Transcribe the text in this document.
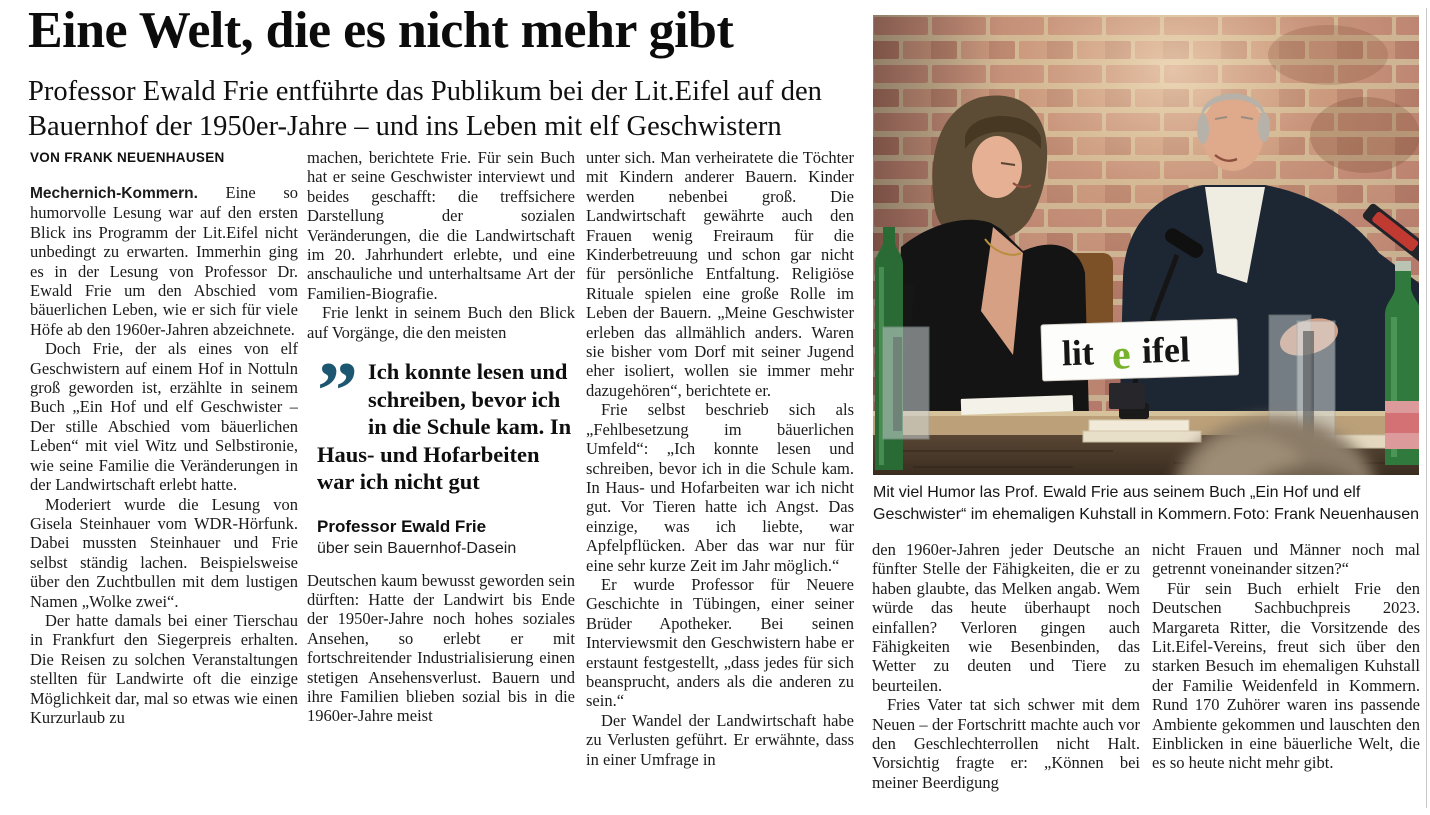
Eine Welt, die es nicht mehr gibt
Professor Ewald Frie entführte das Publikum bei der Lit.Eifel auf den Bauernhof der 1950er-Jahre – und ins Leben mit elf Geschwistern
VON FRANK NEUENHAUSEN

Mechernich-Kommern. Eine so humorvolle Lesung war auf den ersten Blick ins Programm der Lit.Eifel nicht unbedingt zu erwarten. Immerhin ging es in der Lesung von Professor Dr. Ewald Frie um den Abschied vom bäuerlichen Leben, wie er sich für viele Höfe ab den 1960er-Jahren abzeichnete.

Doch Frie, der als eines von elf Geschwistern auf einem Hof in Nottuln groß geworden ist, erzählte in seinem Buch „Ein Hof und elf Geschwister – Der stille Abschied vom bäuerlichen Leben“ mit viel Witz und Selbstironie, wie seine Familie die Veränderungen in der Landwirtschaft erlebt hatte.

Moderiert wurde die Lesung von Gisela Steinhauer vom WDR-Hörfunk. Dabei mussten Steinhauer und Frie selbst ständig lachen. Beispielsweise über den Zuchtbullen mit dem lustigen Namen „Wolke zwei“.

Der hatte damals bei einer Tierschau in Frankfurt den Siegerpreis erhalten. Die Reisen zu solchen Veranstaltungen stellten für Landwirte oft die einzige Möglichkeit dar, mal so etwas wie einen Kurzurlaub zu

machen, berichtete Frie. Für sein Buch hat er seine Geschwister interviewt und beides geschafft: die treffsichere Darstellung der sozialen Veränderungen, die die Landwirtschaft im 20. Jahrhundert erlebte, und eine anschauliche und unterhaltsame Art der Familien-Biografie.

Frie lenkt in seinem Buch den Blick auf Vorgänge, die den meisten

” Ich konnte lesen und schreiben, bevor ich in die Schule kam. In Haus- und Hofarbeiten war ich nicht gut
Professor Ewald Frie
über sein Bauernhof-Dasein

Deutschen kaum bewusst geworden sein dürften: Hatte der Landwirt bis Ende der 1950er-Jahre noch hohes soziales Ansehen, so erlebt er mit fortschreitender Industrialisierung einen stetigen Ansehensverlust. Bauern und ihre Familien blieben sozial bis in die 1960er-Jahre meist

unter sich. Man verheiratete die Töchter mit Kindern anderer Bauern. Kinder werden nebenbei groß. Die Landwirtschaft gewährte auch den Frauen wenig Freiraum für die Kinderbetreuung und schon gar nicht für persönliche Entfaltung. Religiöse Rituale spielen eine große Rolle im Leben der Bauern. „Meine Geschwister erleben das allmählich anders. Waren sie bisher vom Dorf mit seiner Jugend eher isoliert, wollen sie immer mehr dazugehören“, berichtete er.

Frie selbst beschrieb sich als „Fehlbesetzung im bäuerlichen Umfeld“: „Ich konnte lesen und schreiben, bevor ich in die Schule kam. In Haus- und Hofarbeiten war ich nicht gut. Vor Tieren hatte ich Angst. Das einzige, was ich liebte, war Apfelpflücken. Aber das war nur für eine sehr kurze Zeit im Jahr möglich.“

Er wurde Professor für Neuere Geschichte in Tübingen, einer seiner Brüder Apotheker. Bei seinen Interviewsmit den Geschwistern habe er erstaunt festgestellt, „dass jedes für sich beansprucht, anders als die anderen zu sein.“

Der Wandel der Landwirtschaft habe zu Verlusten geführt. Er erwähnte, dass in einer Umfrage in

lit e ifel
Mit viel Humor las Prof. Ewald Frie aus seinem Buch „Ein Hof und elf Geschwister“ im ehemaligen Kuhstall in Kommern. Foto: Frank Neuenhausen

den 1960er-Jahren jeder Deutsche an fünfter Stelle der Fähigkeiten, die er zu haben glaubte, das Melken angab. Wem würde das heute überhaupt noch einfallen? Verloren gingen auch Fähigkeiten wie Besenbinden, das Wetter zu deuten und Tiere zu beurteilen.

Fries Vater tat sich schwer mit dem Neuen – der Fortschritt machte auch vor den Geschlechterrollen nicht Halt. Vorsichtig fragte er: „Können bei meiner Beerdigung

nicht Frauen und Männer noch mal getrennt voneinander sitzen?“

Für sein Buch erhielt Frie den Deutschen Sachbuchpreis 2023. Margareta Ritter, die Vorsitzende des Lit.Eifel-Vereins, freut sich über den starken Besuch im ehemaligen Kuhstall der Familie Weidenfeld in Kommern. Rund 170 Zuhörer waren ins passende Ambiente gekommen und lauschten den Einblicken in eine bäuerliche Welt, die es so heute nicht mehr gibt.
